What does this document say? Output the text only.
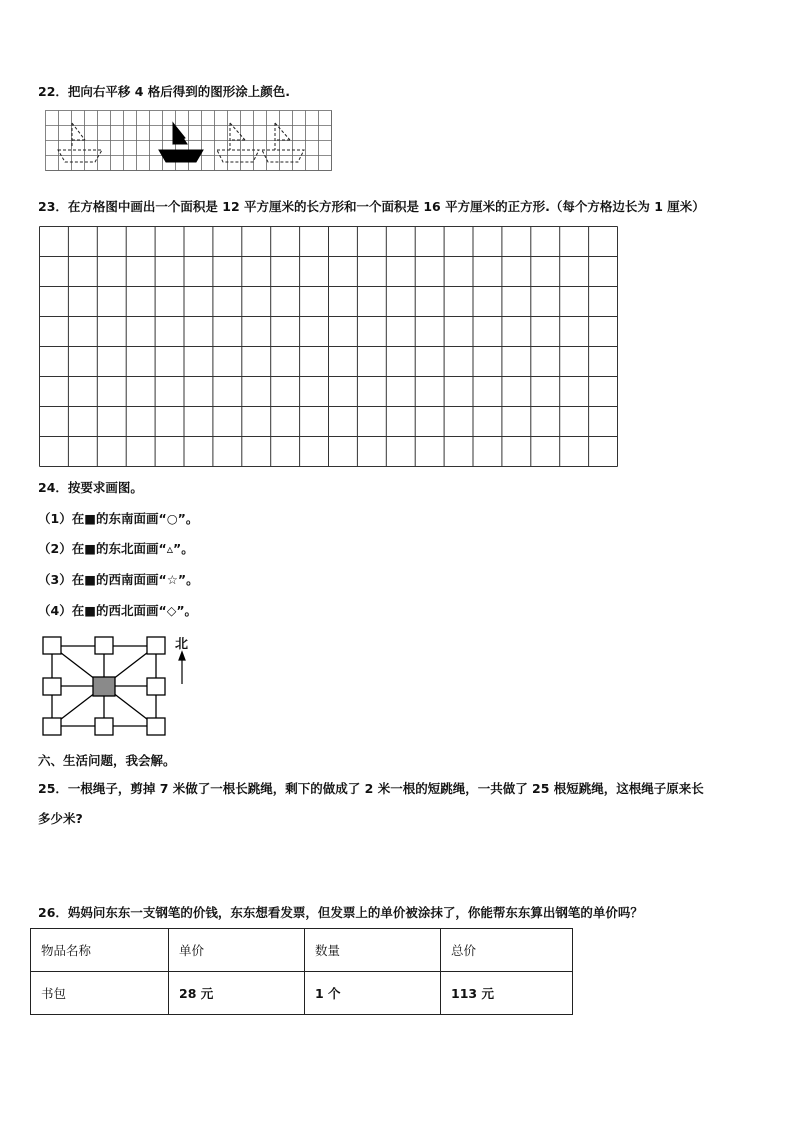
22．把向右平移 4 格后得到的图形涂上颜色.
23．在方格图中画出一个面积是 12 平方厘米的长方形和一个面积是 16 平方厘米的正方形.（每个方格边长为 1 厘米）
24．按要求画图。
（1）在■的东南面画“○”。
（2）在■的东北面画“▵”。
（3）在■的西南面画“☆”。
（4）在■的西北面画“◇”。
北
六、生活问题，我会解。
25．一根绳子，剪掉 7 米做了一根长跳绳，剩下的做成了 2 米一根的短跳绳，一共做了 25 根短跳绳，这根绳子原来长
多少米?
26．妈妈问东东一支钢笔的价钱，东东想看发票，但发票上的单价被涂抹了，你能帮东东算出钢笔的单价吗？
物品名称	单价	数量	总价
书包	28 元	1 个	113 元
